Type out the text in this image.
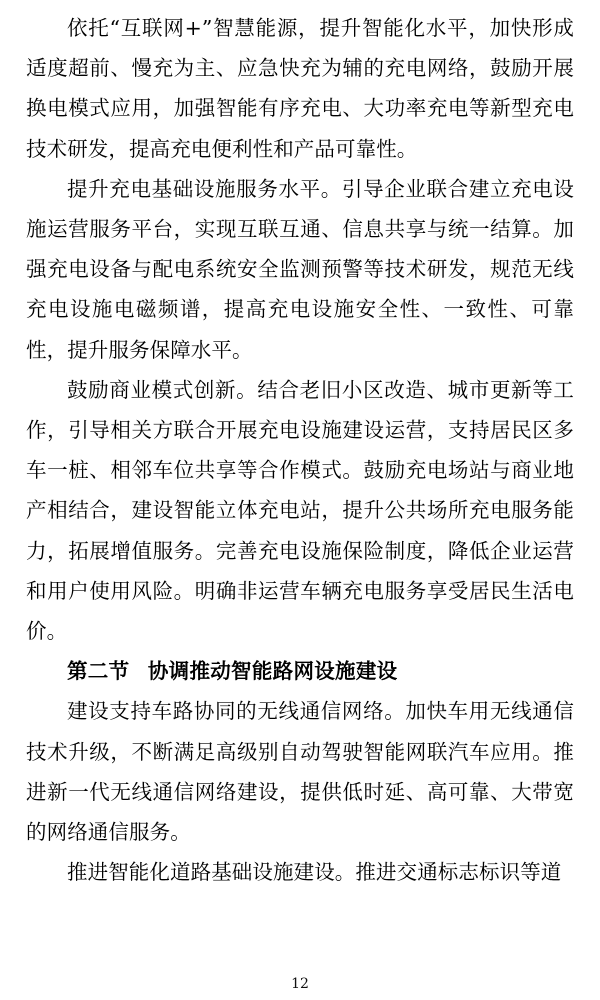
依托“互联网+”智慧能源，提升智能化水平，加快形成适度超前、慢充为主、应急快充为辅的充电网络，鼓励开展换电模式应用，加强智能有序充电、大功率充电等新型充电技术研发，提高充电便利性和产品可靠性。

提升充电基础设施服务水平。引导企业联合建立充电设施运营服务平台，实现互联互通、信息共享与统一结算。加强充电设备与配电系统安全监测预警等技术研发，规范无线充电设施电磁频谱，提高充电设施安全性、一致性、可靠性，提升服务保障水平。

鼓励商业模式创新。结合老旧小区改造、城市更新等工作，引导相关方联合开展充电设施建设运营，支持居民区多车一桩、相邻车位共享等合作模式。鼓励充电场站与商业地产相结合，建设智能立体充电站，提升公共场所充电服务能力，拓展增值服务。完善充电设施保险制度，降低企业运营和用户使用风险。明确非运营车辆充电服务享受居民生活电价。

第二节 协调推动智能路网设施建设

建设支持车路协同的无线通信网络。加快车用无线通信技术升级，不断满足高级别自动驾驶智能网联汽车应用。推进新一代无线通信网络建设，提供低时延、高可靠、大带宽的网络通信服务。

推进智能化道路基础设施建设。推进交通标志标识等道

12
